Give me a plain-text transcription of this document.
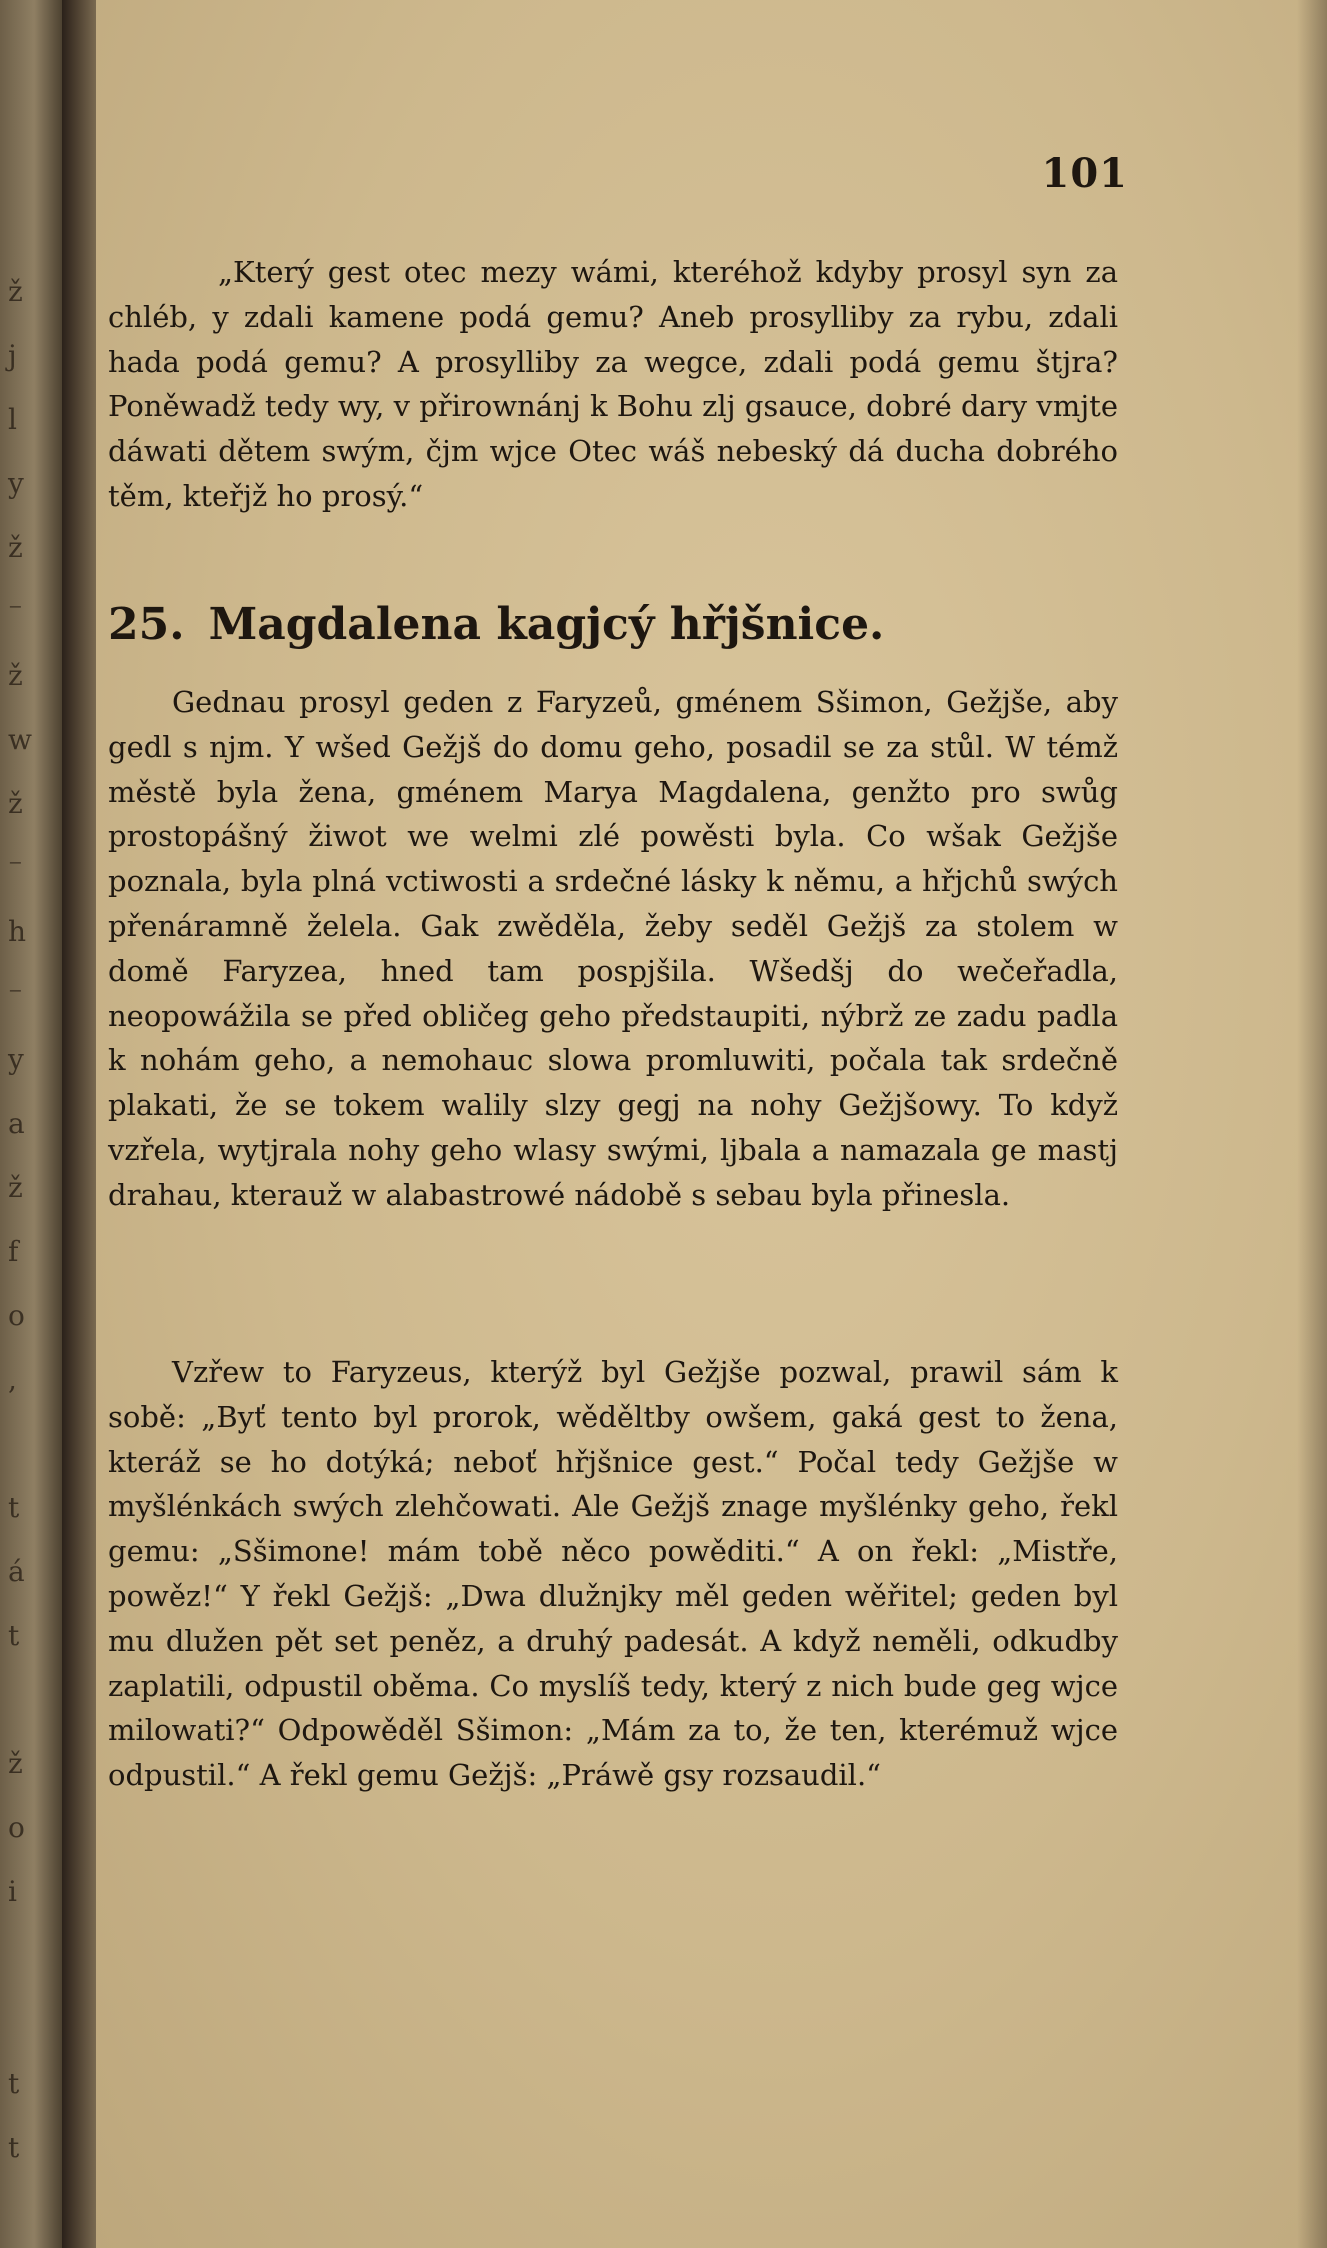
ž
j
l
y
ž
⁻
ž
w
ž
⁻
h
⁻
y
a
ž
f
o
,

t
á
t

ž
o
i

t
t
101

„Který gest otec mezy wámi, kteréhož kdyby prosyl syn za chléb, y zdali kamene podá gemu? Aneb prosylliby za rybu, zdali hada podá gemu? A prosylliby za wegce, zdali podá gemu štjra? Poněwadž tedy wy, v přirownánj k Bohu zlj gsauce, dobré dary vmjte dáwati dětem swým, čjm wjce Otec wáš nebeský dá ducha dobrého těm, kteřjž ho prosý.“

25. Magdalena kagjcý hřjšnice.

Gednau prosyl geden z Faryzeů, gménem Sšimon, Gežjše, aby gedl s njm. Y wšed Gežjš do domu geho, posadil se za stůl. W témž městě byla žena, gménem Marya Magdalena, genžto pro swůg prostopášný žiwot we welmi zlé powěsti byla. Co wšak Gežjše poznala, byla plná vctiwosti a srdečné lásky k němu, a hřjchů swých přenáramně želela. Gak zwěděla, žeby seděl Gežjš za stolem w domě Faryzea, hned tam pospjšila. Wšedšj do wečeřadla, neopowážila se před obličeg geho předstaupiti, nýbrž ze zadu padla k nohám geho, a nemohauc slowa promluwiti, počala tak srdečně plakati, že se tokem walily slzy gegj na nohy Gežjšowy. To když vzřela, wytjrala nohy geho wlasy swými, ljbala a namazala ge mastj drahau, kterauž w alabastrowé nádobě s sebau byla přinesla.

Vzřew to Faryzeus, kterýž byl Gežjše pozwal, prawil sám k sobě: „Byť tento byl prorok, wěděltby owšem, gaká gest to žena, kteráž se ho dotýká; neboť hřjšnice gest.“ Počal tedy Gežjše w myšlénkách swých zlehčowati. Ale Gežjš znage myšlénky geho, řekl gemu: „Sšimone! mám tobě něco powěditi.“ A on řekl: „Mistře, powěz!“ Y řekl Gežjš: „Dwa dlužnjky měl geden wěřitel; geden byl mu dlužen pět set peněz, a druhý padesát. A když neměli, odkudby zaplatili, odpustil oběma. Co myslíš tedy, který z nich bude geg wjce milowati?“ Odpowěděl Sšimon: „Mám za to, že ten, kterémuž wjce odpustil.“ A řekl gemu Gežjš: „Práwě gsy rozsaudil.“
